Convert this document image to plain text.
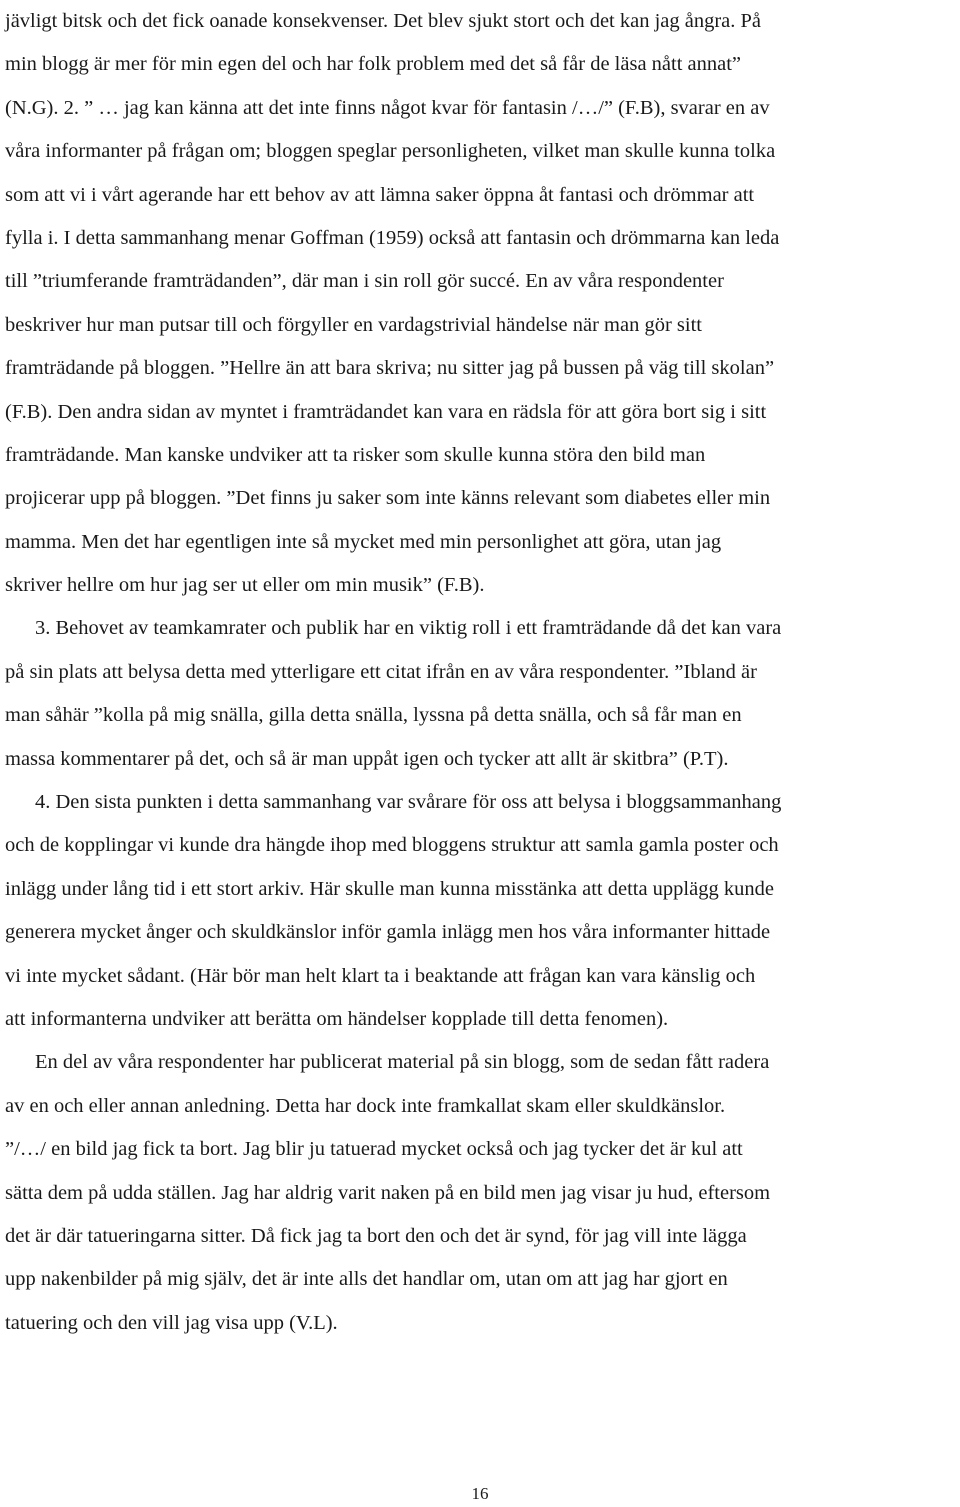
jävligt bitsk och det fick oanade konsekvenser. Det blev sjukt stort och det kan jag ångra. På
min blogg är mer för min egen del och har folk problem med det så får de läsa nått annat”
(N.G). 2. ” … jag kan känna att det inte finns något kvar för fantasin /…/” (F.B), svarar en av
våra informanter på frågan om; bloggen speglar personligheten, vilket man skulle kunna tolka
som att vi i vårt agerande har ett behov av att lämna saker öppna åt fantasi och drömmar att
fylla i. I detta sammanhang menar Goffman (1959) också att fantasin och drömmarna kan leda
till ”triumferande framträdanden”, där man i sin roll gör succé. En av våra respondenter
beskriver hur man putsar till och förgyller en vardagstrivial händelse när man gör sitt
framträdande på bloggen. ”Hellre än att bara skriva; nu sitter jag på bussen på väg till skolan”
(F.B). Den andra sidan av myntet i framträdandet kan vara en rädsla för att göra bort sig i sitt
framträdande. Man kanske undviker att ta risker som skulle kunna störa den bild man
projicerar upp på bloggen. ”Det finns ju saker som inte känns relevant som diabetes eller min
mamma. Men det har egentligen inte så mycket med min personlighet att göra, utan jag
skriver hellre om hur jag ser ut eller om min musik” (F.B).
3. Behovet av teamkamrater och publik har en viktig roll i ett framträdande då det kan vara
på sin plats att belysa detta med ytterligare ett citat ifrån en av våra respondenter. ”Ibland är
man såhär ”kolla på mig snälla, gilla detta snälla, lyssna på detta snälla, och så får man en
massa kommentarer på det, och så är man uppåt igen och tycker att allt är skitbra” (P.T).
4. Den sista punkten i detta sammanhang var svårare för oss att belysa i bloggsammanhang
och de kopplingar vi kunde dra hängde ihop med bloggens struktur att samla gamla poster och
inlägg under lång tid i ett stort arkiv. Här skulle man kunna misstänka att detta upplägg kunde
generera mycket ånger och skuldkänslor inför gamla inlägg men hos våra informanter hittade
vi inte mycket sådant. (Här bör man helt klart ta i beaktande att frågan kan vara känslig och
att informanterna undviker att berätta om händelser kopplade till detta fenomen).
En del av våra respondenter har publicerat material på sin blogg, som de sedan fått radera
av en och eller annan anledning. Detta har dock inte framkallat skam eller skuldkänslor.
”/…/ en bild jag fick ta bort. Jag blir ju tatuerad mycket också och jag tycker det är kul att
sätta dem på udda ställen. Jag har aldrig varit naken på en bild men jag visar ju hud, eftersom
det är där tatueringarna sitter. Då fick jag ta bort den och det är synd, för jag vill inte lägga
upp nakenbilder på mig själv, det är inte alls det handlar om, utan om att jag har gjort en
tatuering och den vill jag visa upp (V.L).
16
